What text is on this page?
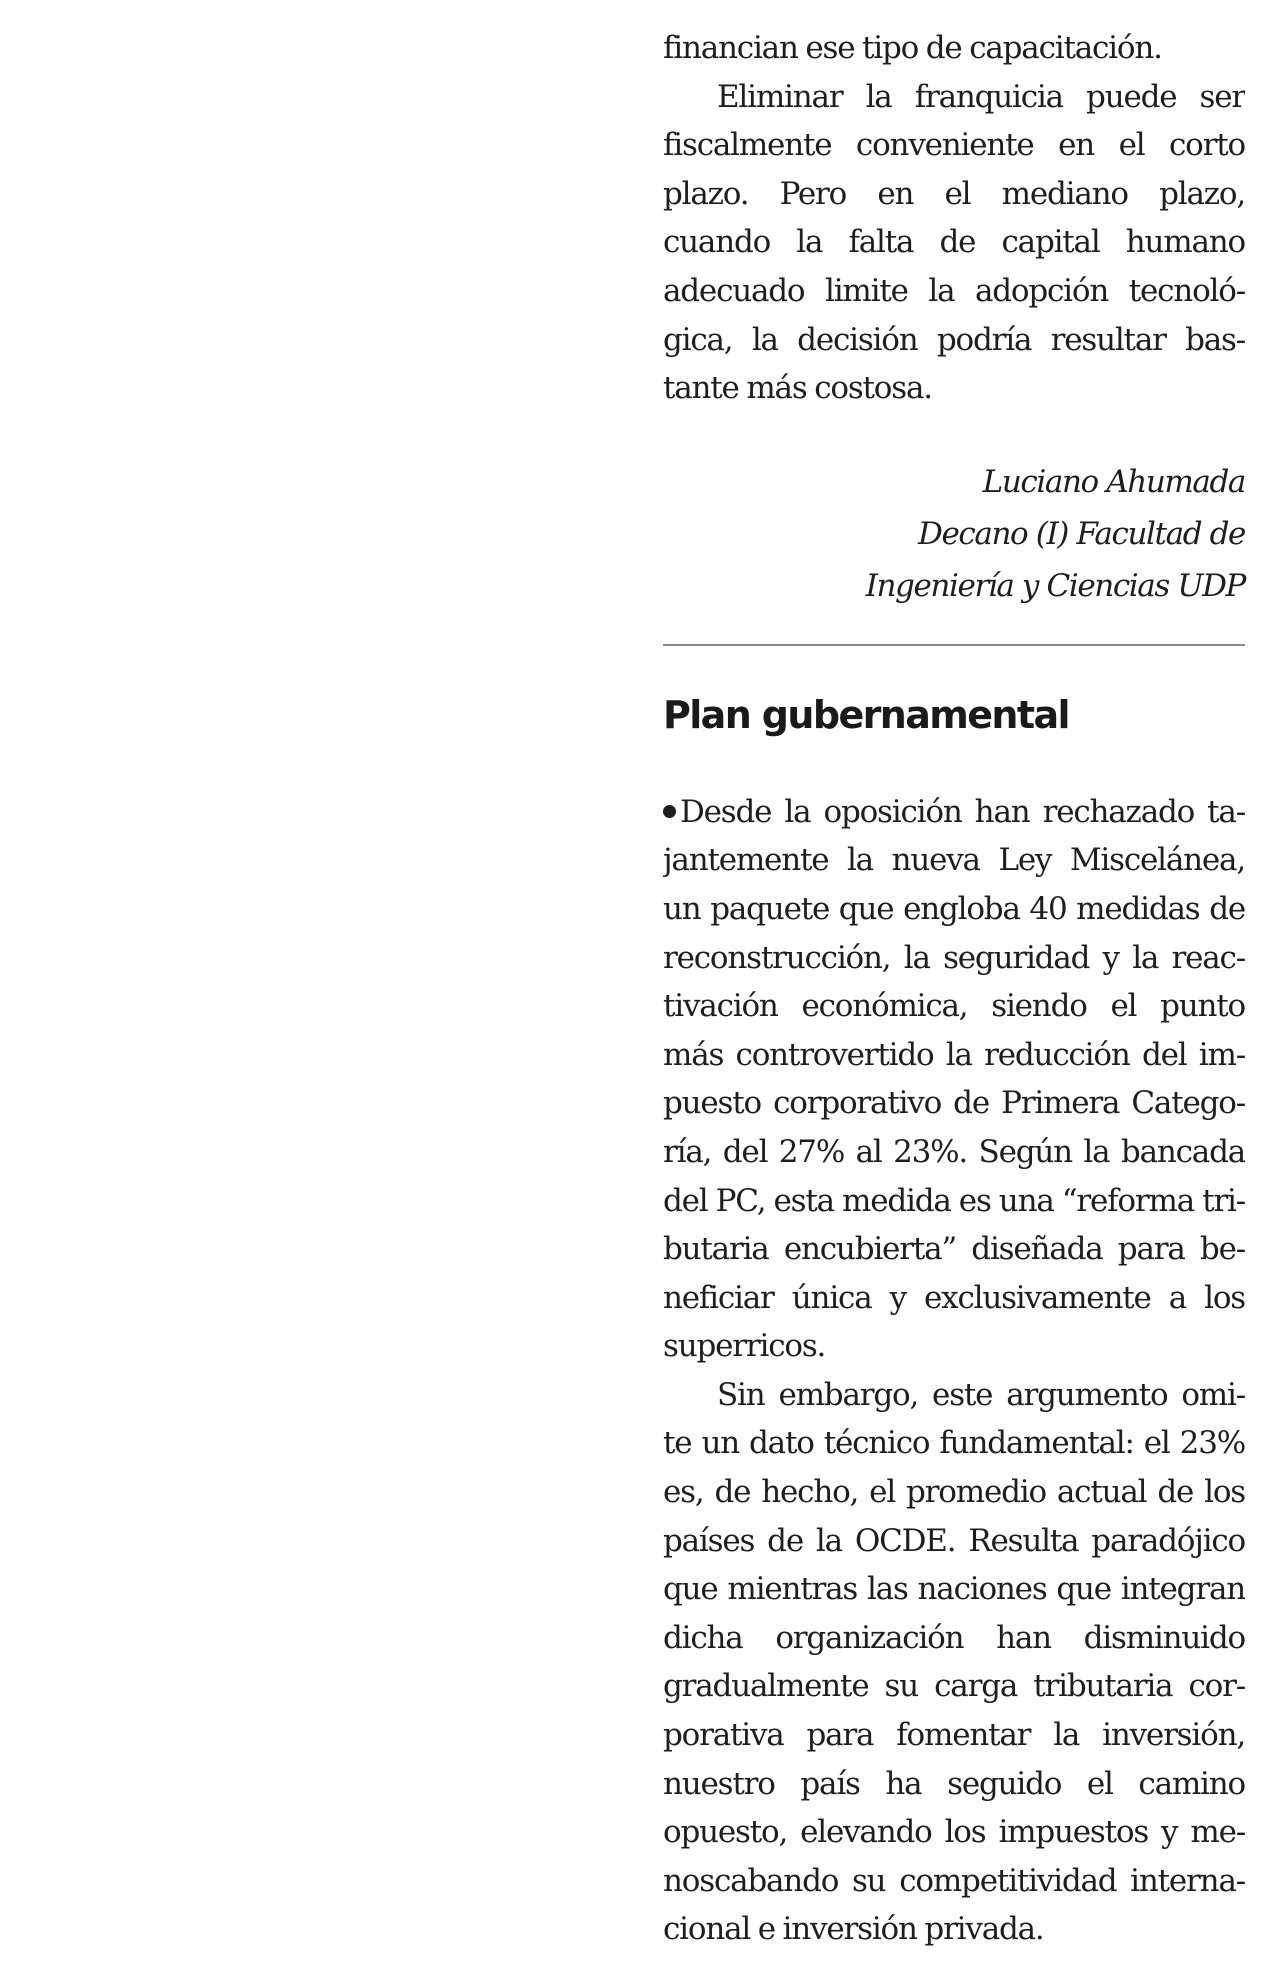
financian ese tipo de capacitación.
Eliminar la franquicia puede ser
fiscalmente conveniente en el corto
plazo. Pero en el mediano plazo,
cuando la falta de capital humano
adecuado limite la adopción tecnoló-
gica, la decisión podría resultar bas-
tante más costosa.
Luciano Ahumada
Decano (I) Facultad de
Ingeniería y Ciencias UDP
Plan gubernamental
Desde la oposición han rechazado ta-
jantemente la nueva Ley Miscelánea,
un paquete que engloba 40 medidas de
reconstrucción, la seguridad y la reac-
tivación económica, siendo el punto
más controvertido la reducción del im-
puesto corporativo de Primera Catego-
ría, del 27% al 23%. Según la bancada
del PC, esta medida es una “reforma tri-
butaria encubierta” diseñada para be-
neficiar única y exclusivamente a los
superricos.
Sin embargo, este argumento omi-
te un dato técnico fundamental: el 23%
es, de hecho, el promedio actual de los
países de la OCDE. Resulta paradójico
que mientras las naciones que integran
dicha organización han disminuido
gradualmente su carga tributaria cor-
porativa para fomentar la inversión,
nuestro país ha seguido el camino
opuesto, elevando los impuestos y me-
noscabando su competitividad interna-
cional e inversión privada.
